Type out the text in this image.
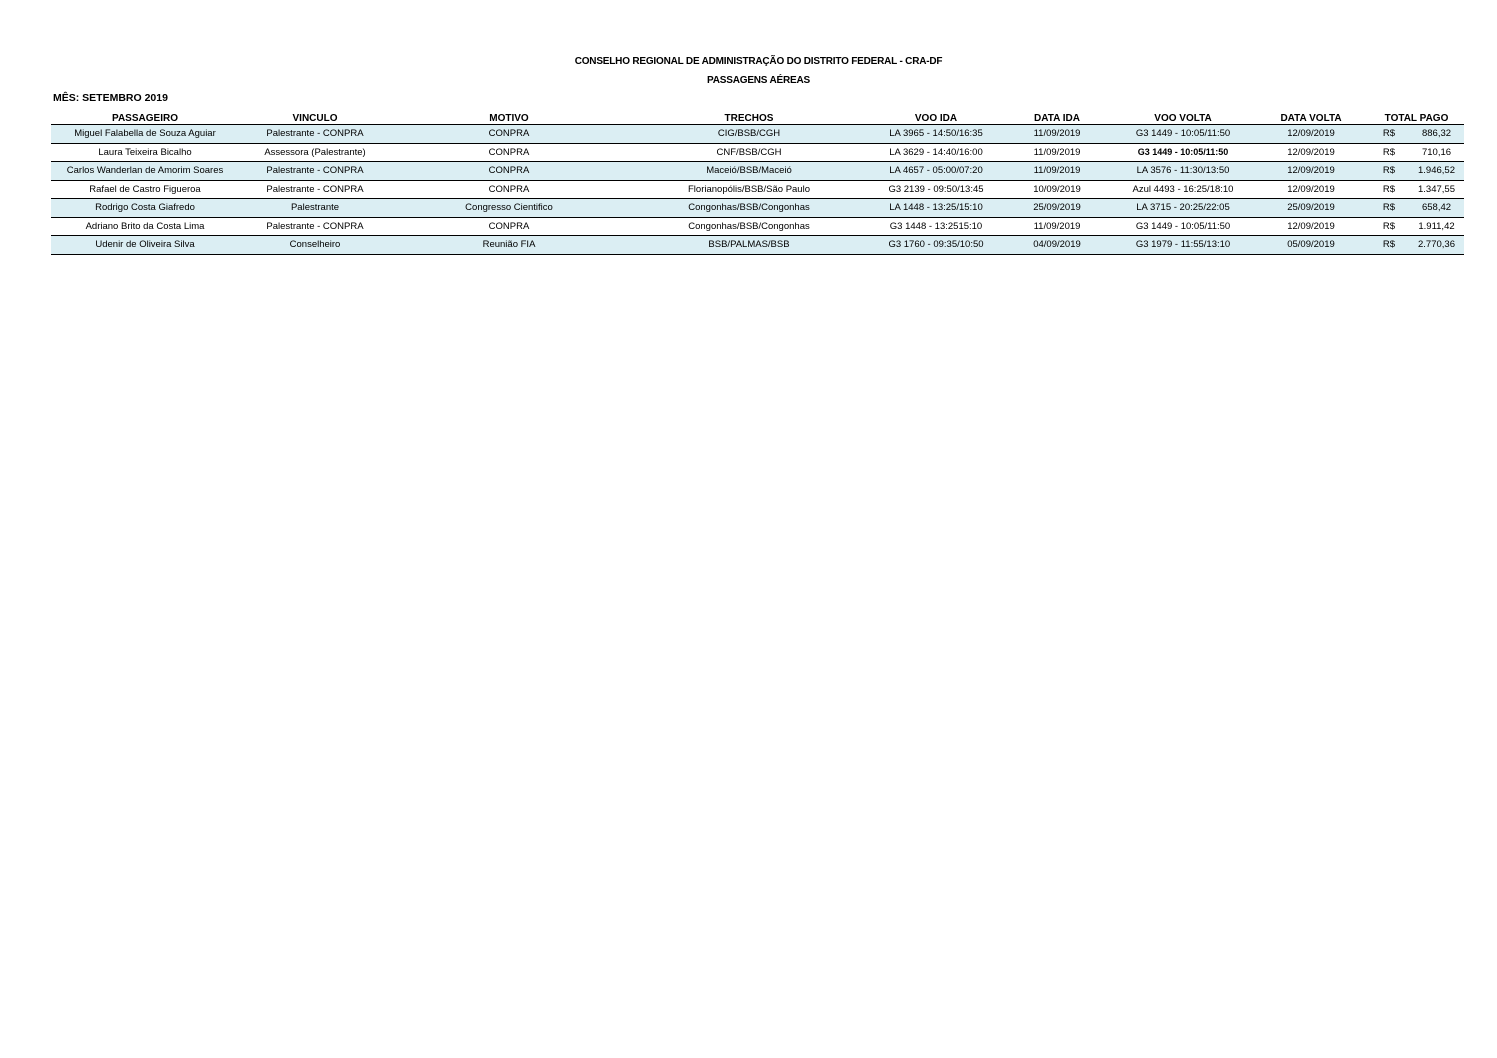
CONSELHO REGIONAL DE ADMINISTRAÇÃO DO DISTRITO FEDERAL - CRA-DF
PASSAGENS AÉREAS
MÊS: SETEMBRO 2019
PASSAGEIRO	VINCULO	MOTIVO	TRECHOS	VOO IDA	DATA IDA	VOO VOLTA	DATA VOLTA	TOTAL PAGO	
Miguel Falabella de Souza Aguiar	Palestrante - CONPRA	CONPRA	CIG/BSB/CGH	LA 3965 - 14:50/16:35	11/09/2019	G3 1449 - 10:05/11:50	12/09/2019	R$	886,32
Laura Teixeira Bicalho	Assessora (Palestrante)	CONPRA	CNF/BSB/CGH	LA 3629 - 14:40/16:00	11/09/2019	G3 1449 - 10:05/11:50	12/09/2019	R$	710,16
Carlos Wanderlan de Amorim Soares	Palestrante - CONPRA	CONPRA	Maceió/BSB/Maceió	LA 4657 - 05:00/07:20	11/09/2019	LA 3576 - 11:30/13:50	12/09/2019	R$	1.946,52
Rafael de Castro Figueroa	Palestrante - CONPRA	CONPRA	Florianopólis/BSB/São Paulo	G3 2139 - 09:50/13:45	10/09/2019	Azul 4493 - 16:25/18:10	12/09/2019	R$	1.347,55
Rodrigo Costa Giafredo	Palestrante	Congresso Cientifico	Congonhas/BSB/Congonhas	LA 1448 - 13:25/15:10	25/09/2019	LA 3715 - 20:25/22:05	25/09/2019	R$	658,42
Adriano Brito da Costa Lima	Palestrante - CONPRA	CONPRA	Congonhas/BSB/Congonhas	G3 1448 - 13:2515:10	11/09/2019	G3 1449 - 10:05/11:50	12/09/2019	R$	1.911,42
Udenir de Oliveira Silva	Conselheiro	Reunião FIA	BSB/PALMAS/BSB	G3 1760 - 09:35/10:50	04/09/2019	G3 1979 - 11:55/13:10	05/09/2019	R$	2.770,36
